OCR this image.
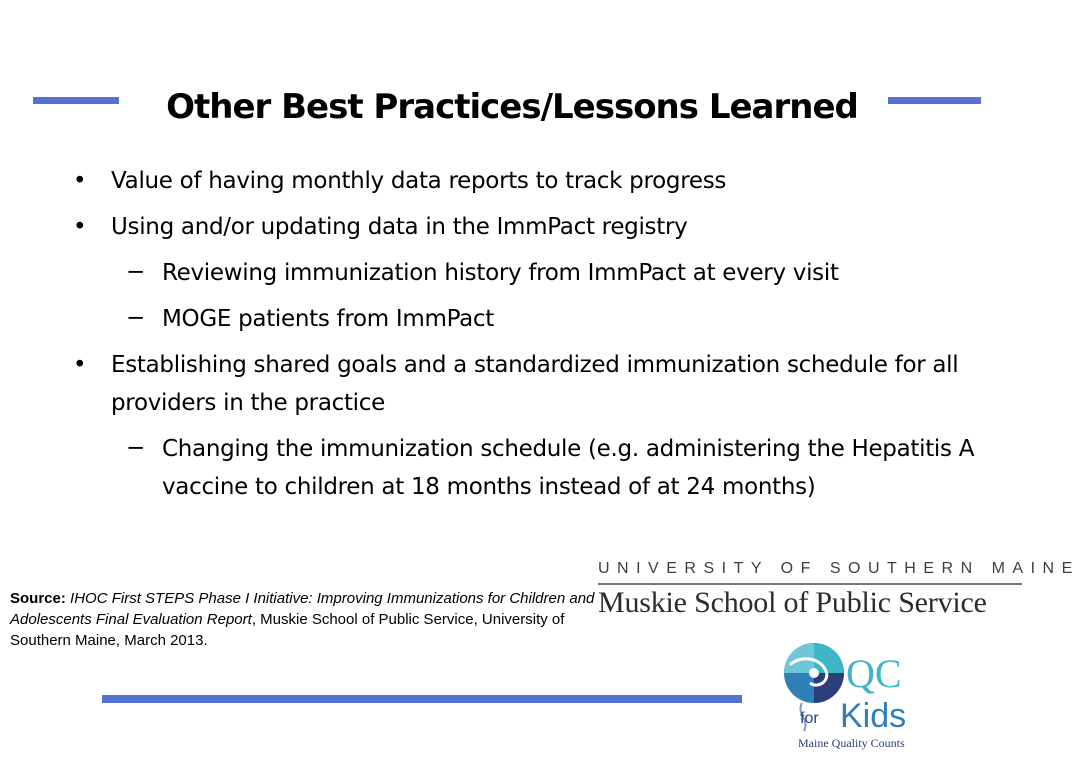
Other Best Practices/Lessons Learned
• Value of having monthly data reports to track progress
• Using and/or updating data in the ImmPact registry
− Reviewing immunization history from ImmPact at every visit
− MOGE patients from ImmPact
• Establishing shared goals and a standardized immunization schedule for all providers in the practice
− Changing the immunization schedule (e.g. administering the Hepatitis A vaccine to children at 18 months instead of at 24 months)
Source: IHOC First STEPS Phase I Initiative: Improving Immunizations for Children and Adolescents Final Evaluation Report, Muskie School of Public Service, University of Southern Maine, March 2013.
UNIVERSITY OF SOUTHERN MAINE
Muskie School of Public Service
QC
for Kids
Maine Quality Counts
